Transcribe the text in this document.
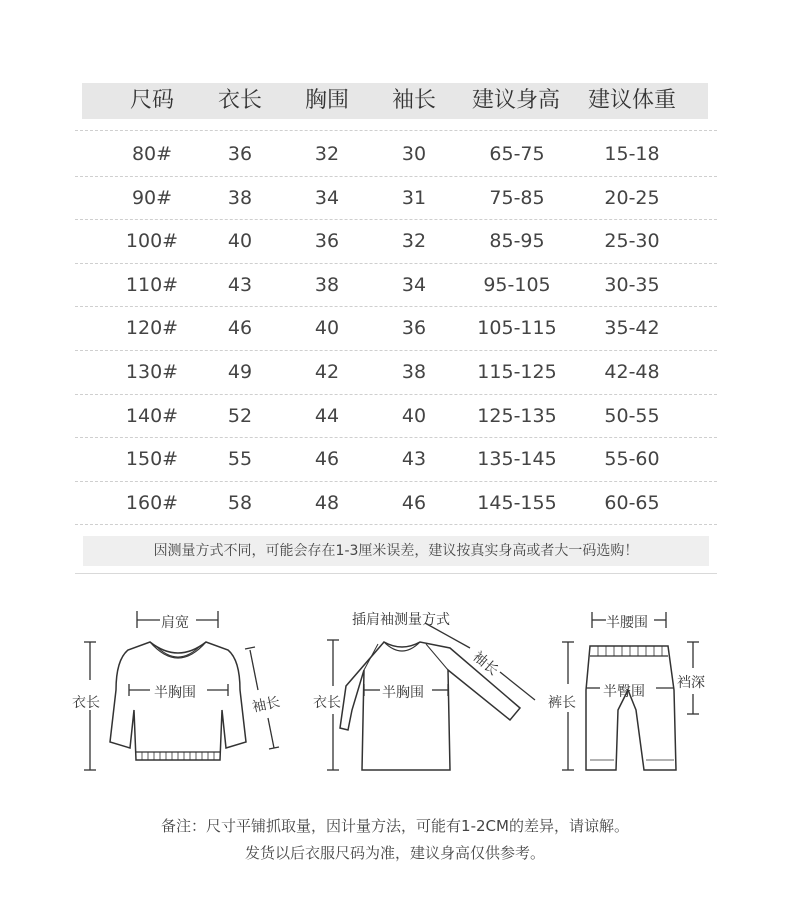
尺码 衣长 胸围 袖长 建议身高 建议体重
80#	36	32	30	65-75	15-18
90#	38	34	31	75-85	20-25
100#	40	36	32	85-95	25-30
110#	43	38	34	95-105	30-35
120#	46	40	36	105-115	35-42
130#	49	42	38	115-125	42-48
140#	52	44	40	125-135	50-55
150#	55	46	43	135-145	55-60
160#	58	48	46	145-155	60-65
因测量方式不同，可能会存在1-3厘米误差，建议按真实身高或者大一码选购！
肩宽
半胸围
衣长	袖长
插肩袖测量方式
袖长
半胸围
衣长
半腰围
半臀围
裤长
裆深
备注：尺寸平铺抓取量，因计量方法，可能有1-2CM的差异，请谅解。
发货以后衣服尺码为准，建议身高仅供参考。
